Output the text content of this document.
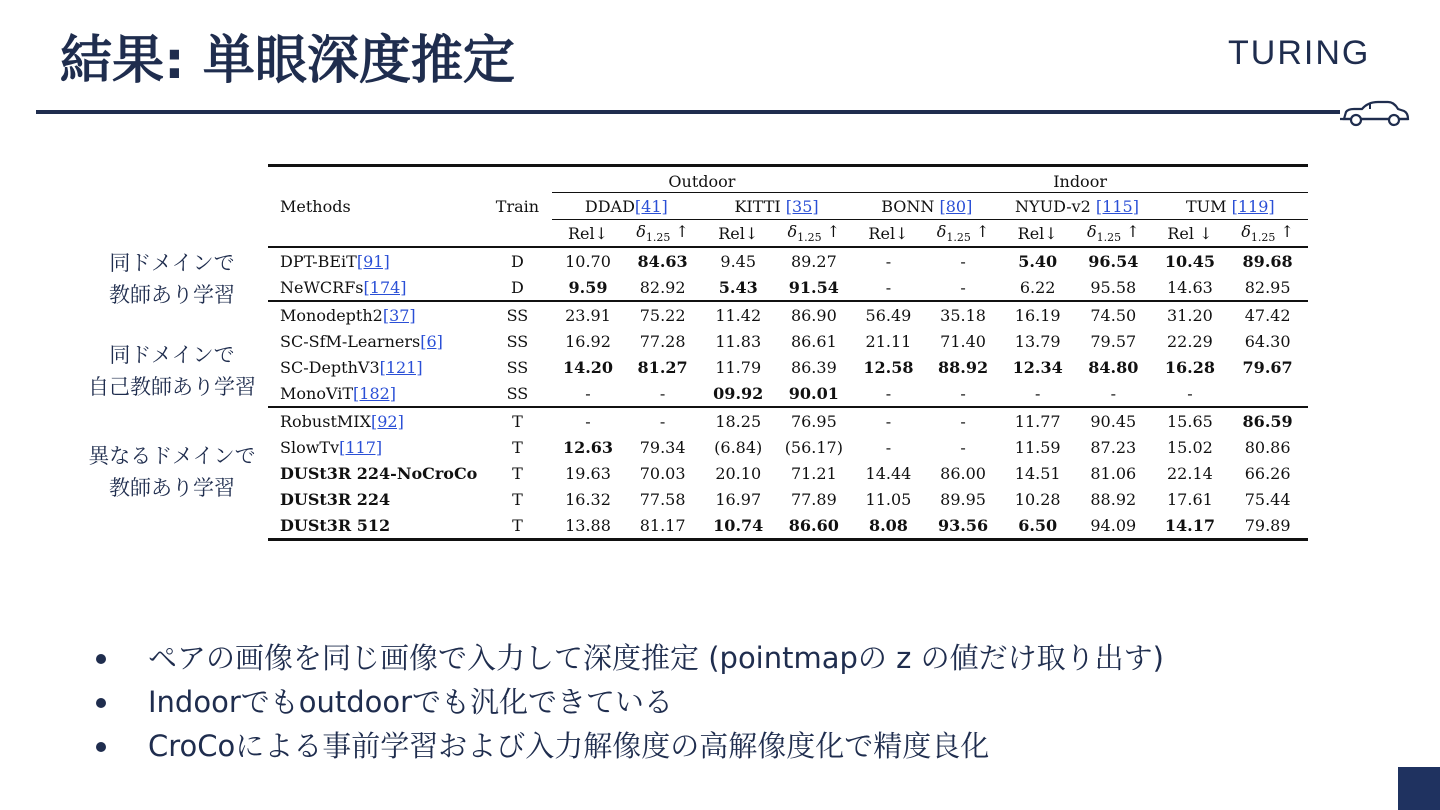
結果: 単眼深度推定	TURING
同ドメインで
教師あり学習
同ドメインで
自己教師あり学習
異なるドメインで
教師あり学習
		Outdoor				Indoor					
Methods	Train	DDAD[41]		KITTI [35]		BONN [80]		NYUD-v2 [115]		TUM [119]	
		Rel↓	$\delta_{1.25}$ ↑	Rel↓	$\delta_{1.25}$ ↑	Rel↓	$\delta_{1.25}$ ↑	Rel↓	$\delta_{1.25}$ ↑	Rel ↓	$\delta_{1.25}$ ↑
DPT-BEiT[91]	D	10.70	84.63	9.45	89.27	-	-	5.40	96.54	10.45	89.68
NeWCRFs[174]	D	9.59	82.92	5.43	91.54	-	-	6.22	95.58	14.63	82.95
Monodepth2[37]	SS	23.91	75.22	11.42	86.90	56.49	35.18	16.19	74.50	31.20	47.42
SC-SfM-Learners[6]	SS	16.92	77.28	11.83	86.61	21.11	71.40	13.79	79.57	22.29	64.30
SC-DepthV3[121]	SS	14.20	81.27	11.79	86.39	12.58	88.92	12.34	84.80	16.28	79.67
MonoViT[182]	SS	-	-	09.92	90.01	-	-	-	-	-	
RobustMIX[92]	T	-	-	18.25	76.95	-	-	11.77	90.45	15.65	86.59
SlowTv[117]	T	12.63	79.34	(6.84)	(56.17)	-	-	11.59	87.23	15.02	80.86
DUSt3R 224-NoCroCo	T	19.63	70.03	20.10	71.21	14.44	86.00	14.51	81.06	22.14	66.26
DUSt3R 224	T	16.32	77.58	16.97	77.89	11.05	89.95	10.28	88.92	17.61	75.44
DUSt3R 512	T	13.88	81.17	10.74	86.60	8.08	93.56	6.50	94.09	14.17	79.89
ペアの画像を同じ画像で入力して深度推定 (pointmapの z の値だけ取り出す)
Indoorでもoutdoorでも汎化できている
CroCoによる事前学習および入力解像度の高解像度化で精度良化
